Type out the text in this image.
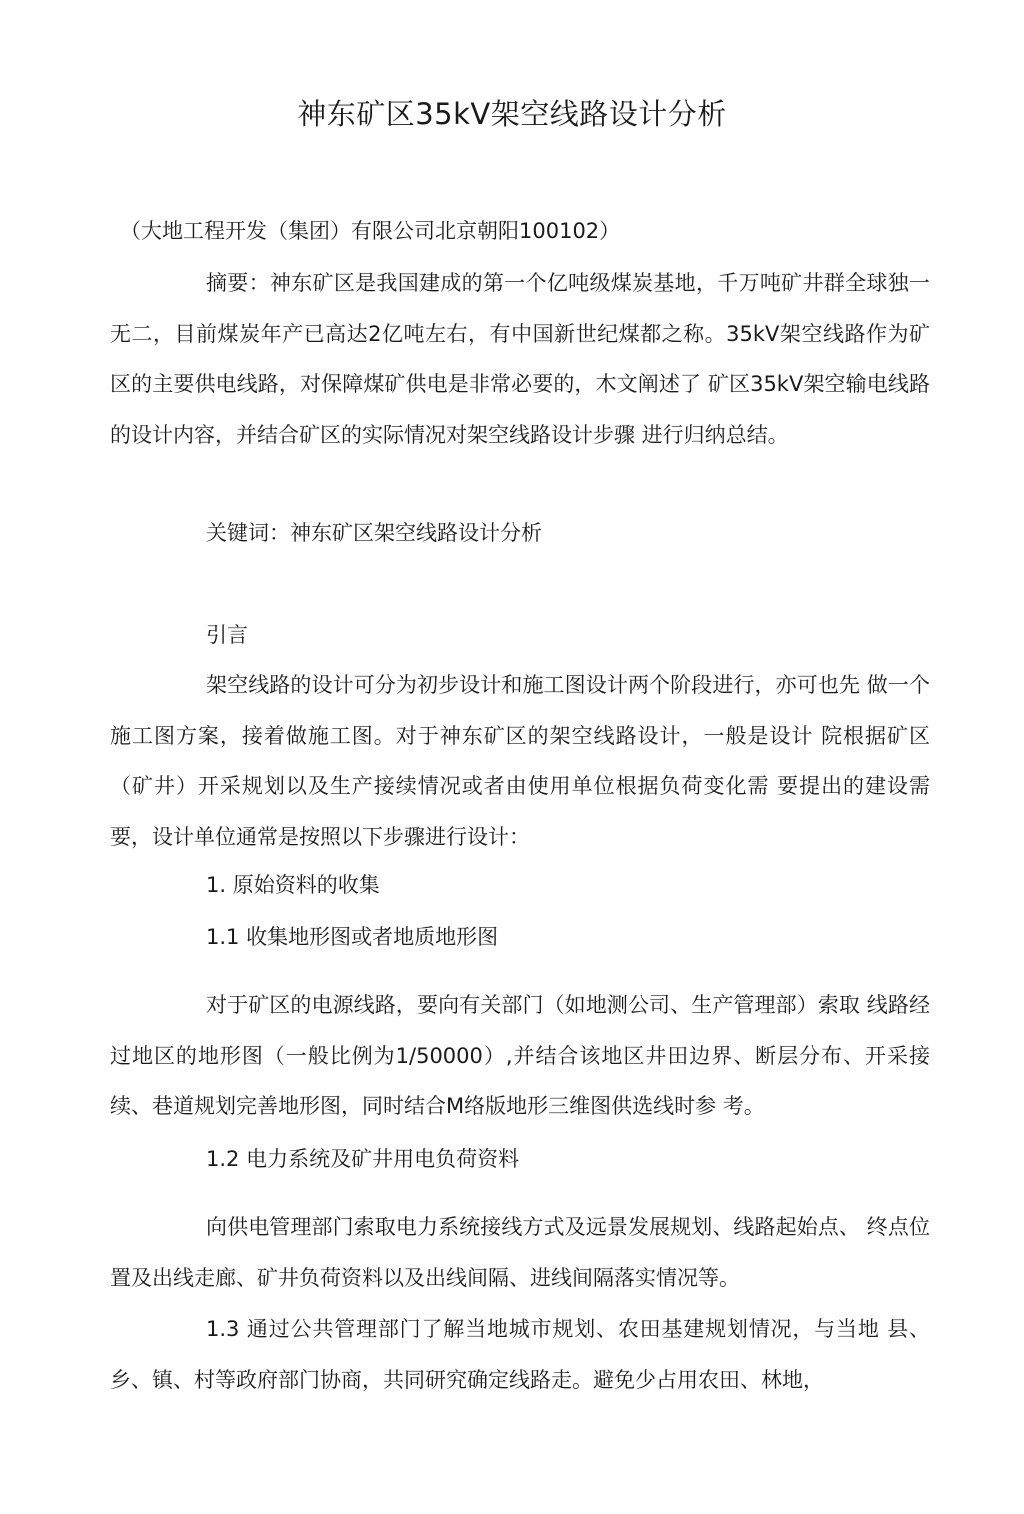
神东矿区35kV架空线路设计分析
（大地工程开发（集团）有限公司北京朝阳100102）

摘要：神东矿区是我国建成的第一个亿吨级煤炭基地，千万吨矿井群全球独一无二，目前煤炭年产已高达2亿吨左右，有中国新世纪煤都之称。35kV架空线路作为矿区的主要供电线路，对保障煤矿供电是非常必要的，木文阐述了 矿区35kV架空输电线路的设计内容，并结合矿区的实际情况对架空线路设计步骤 进行归纳总结。

关键词：神东矿区架空线路设计分析
引言

架空线路的设计可分为初步设计和施工图设计两个阶段进行，亦可也先 做一个施工图方案，接着做施工图。对于神东矿区的架空线路设计，一般是设计 院根据矿区（矿井）开采规划以及生产接续情况或者由使用单位根据负荷变化需 要提出的建设需要，设计单位通常是按照以下步骤进行设计：

1. 原始资料的收集
1.1 收集地形图或者地质地形图

对于矿区的电源线路，要向有关部门（如地测公司、生产管理部）索取 线路经过地区的地形图（一般比例为1/50000）,并结合该地区井田边界、断层分布、开采接续、巷道规划完善地形图，同时结合M络版地形三维图供选线时参 考。

1.2 电力系统及矿井用电负荷资料

向供电管理部门索取电力系统接线方式及远景发展规划、线路起始点、 终点位置及出线走廊、矿井负荷资料以及出线间隔、进线间隔落实情况等。

1.3 通过公共管理部门了解当地城市规划、农田基建规划情况，与当地 县、乡、镇、村等政府部门协商，共同研究确定线路走。避免少占用农田、林地，
